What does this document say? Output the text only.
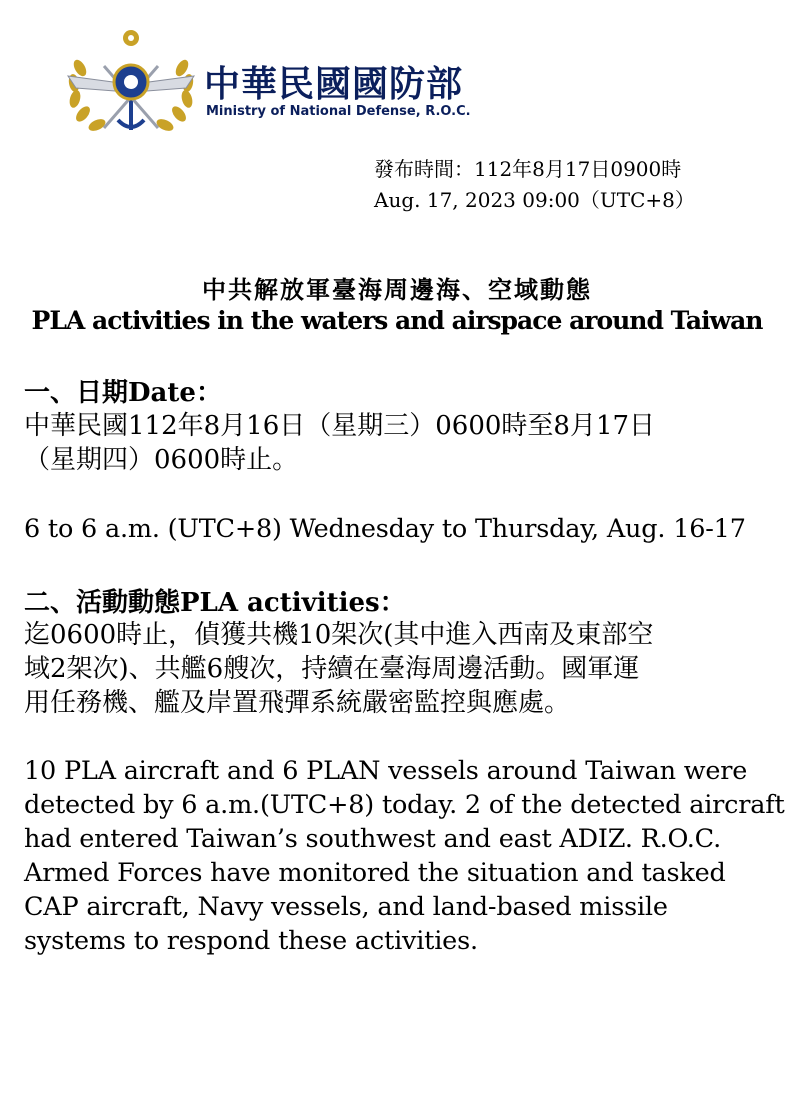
中華民國國防部
Ministry of National Defense, R.O.C.
發布時間：112年8月17日0900時
Aug. 17, 2023 09:00（UTC+8）
中共解放軍臺海周邊海、空域動態
PLA activities in the waters and airspace around Taiwan
一、日期Date：
中華民國112年8月16日（星期三）0600時至8月17日
（星期四）0600時止。
6 to 6 a.m. (UTC+8) Wednesday to Thursday, Aug. 16-17
二、活動動態PLA activities：
迄0600時止，偵獲共機10架次(其中進入西南及東部空
域2架次)、共艦6艘次，持續在臺海周邊活動。國軍運
用任務機、艦及岸置飛彈系統嚴密監控與應處。
10 PLA aircraft and 6 PLAN vessels around Taiwan were
detected by 6 a.m.(UTC+8) today. 2 of the detected aircraft
had entered Taiwan’s southwest and east ADIZ. R.O.C.
Armed Forces have monitored the situation and tasked
CAP aircraft, Navy vessels, and land-based missile
systems to respond these activities.
